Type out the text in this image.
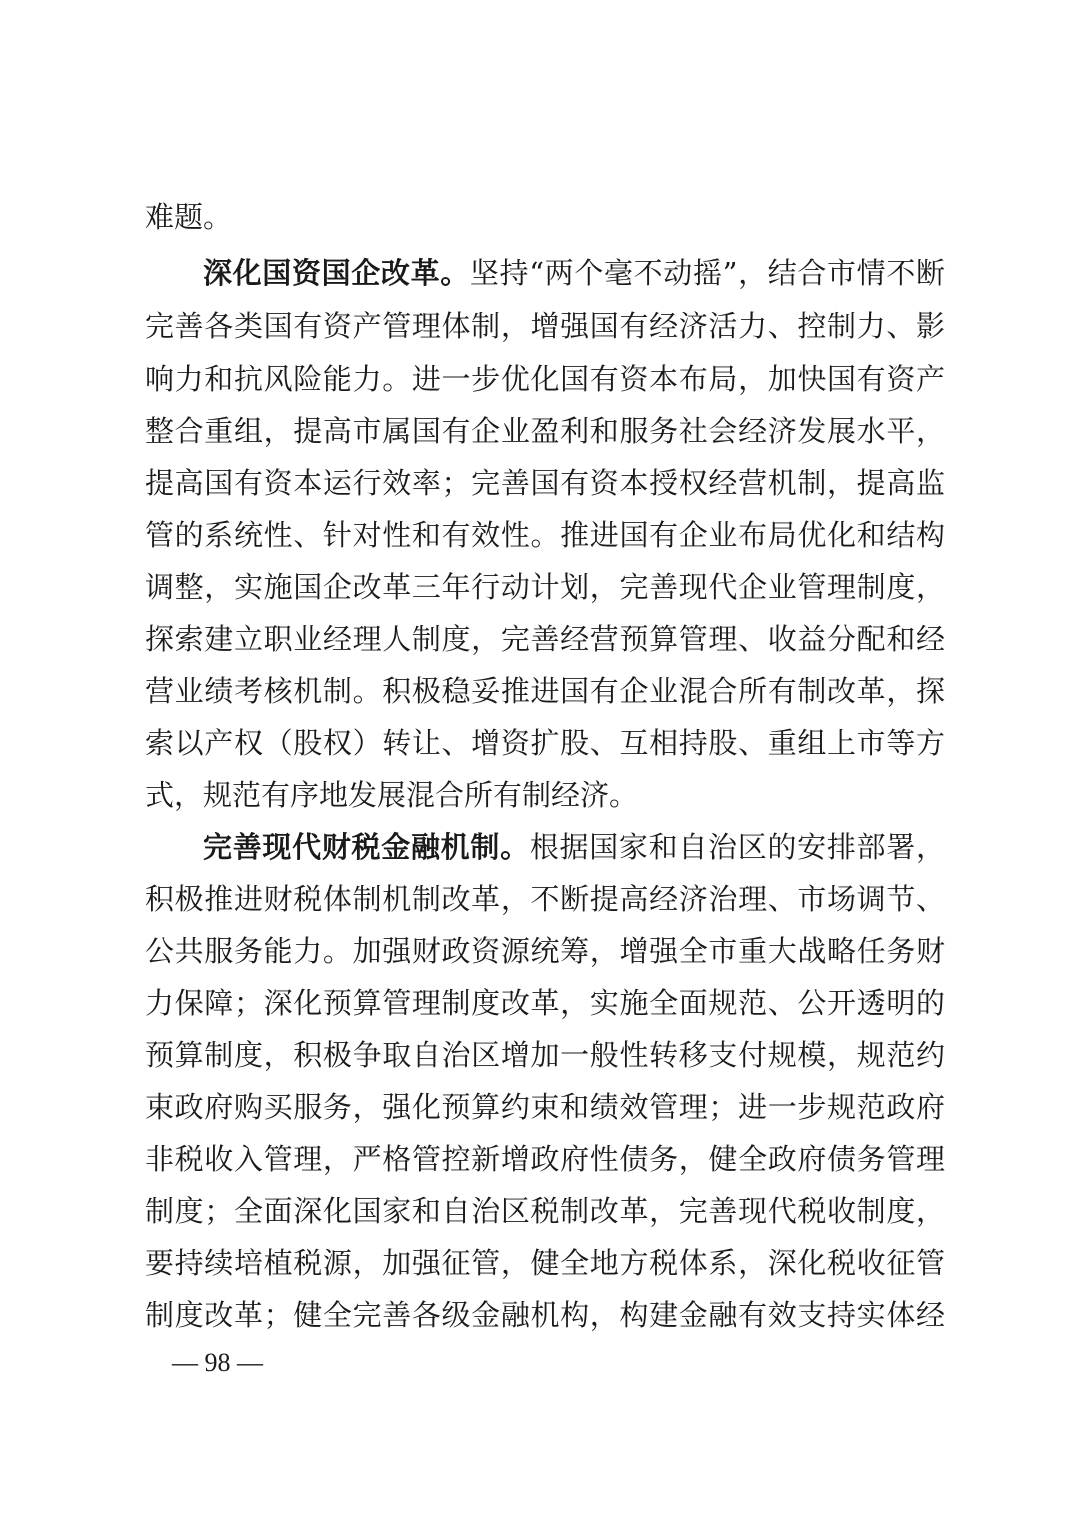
难题。
深化国资国企改革。坚持“两个毫不动摇”，结合市情不断
完善各类国有资产管理体制，增强国有经济活力、控制力、影
响力和抗风险能力。进一步优化国有资本布局，加快国有资产
整合重组，提高市属国有企业盈利和服务社会经济发展水平，
提高国有资本运行效率；完善国有资本授权经营机制，提高监
管的系统性、针对性和有效性。推进国有企业布局优化和结构
调整，实施国企改革三年行动计划，完善现代企业管理制度，
探索建立职业经理人制度，完善经营预算管理、收益分配和经
营业绩考核机制。积极稳妥推进国有企业混合所有制改革，探
索以产权（股权）转让、增资扩股、互相持股、重组上市等方
式，规范有序地发展混合所有制经济。
完善现代财税金融机制。根据国家和自治区的安排部署，
积极推进财税体制机制改革，不断提高经济治理、市场调节、
公共服务能力。加强财政资源统筹，增强全市重大战略任务财
力保障；深化预算管理制度改革，实施全面规范、公开透明的
预算制度，积极争取自治区增加一般性转移支付规模，规范约
束政府购买服务，强化预算约束和绩效管理；进一步规范政府
非税收入管理，严格管控新增政府性债务，健全政府债务管理
制度；全面深化国家和自治区税制改革，完善现代税收制度，
要持续培植税源，加强征管，健全地方税体系，深化税收征管
制度改革；健全完善各级金融机构，构建金融有效支持实体经
— 98 —
